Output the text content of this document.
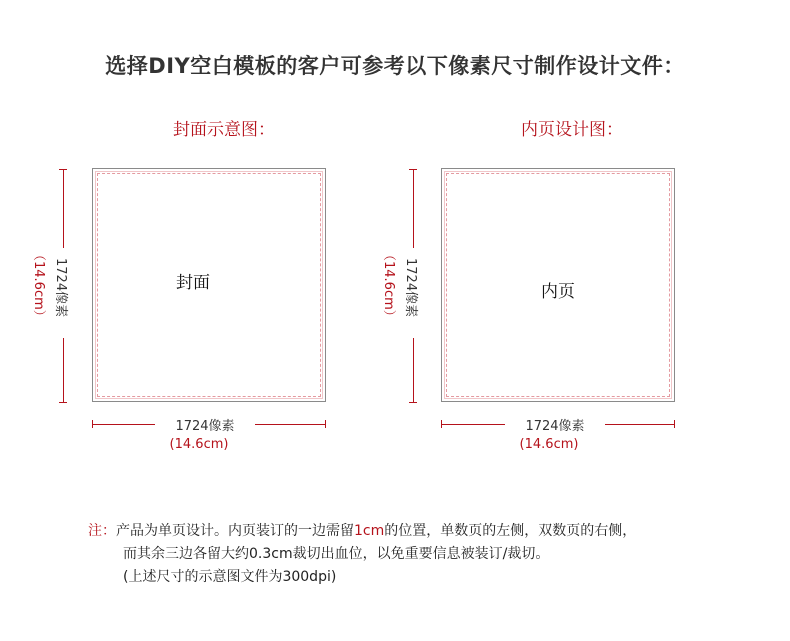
选择DIY空白模板的客户可参考以下像素尺寸制作设计文件：
封面示意图：
1724像素
（14.6cm）	封面
1724像素
(14.6cm)
内页设计图：
1724像素
（14.6cm）	内页
1724像素
(14.6cm)
注：产品为单页设计。内页装订的一边需留1cm的位置，单数页的左侧，双数页的右侧，
而其余三边各留大约0.3cm裁切出血位，以免重要信息被装订/裁切。
(上述尺寸的示意图文件为300dpi)
